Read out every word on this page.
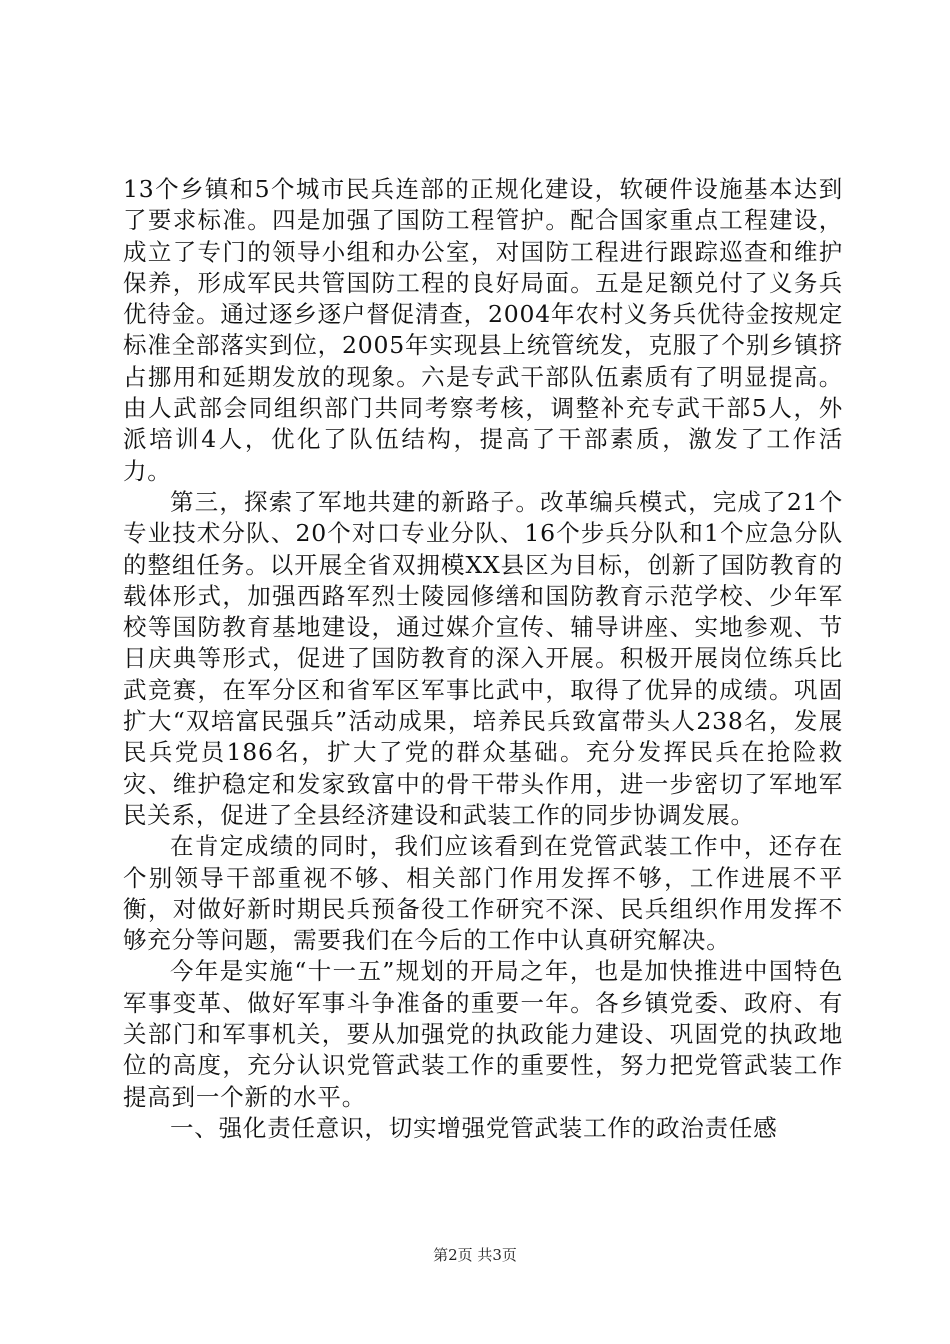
13个乡镇和5个城市民兵连部的正规化建设，软硬件设施基本达到了要求标准。四是加强了国防工程管护。配合国家重点工程建设，成立了专门的领导小组和办公室，对国防工程进行跟踪巡查和维护保养，形成军民共管国防工程的良好局面。五是足额兑付了义务兵优待金。通过逐乡逐户督促清查，2004年农村义务兵优待金按规定标准全部落实到位，2005年实现县上统管统发，克服了个别乡镇挤占挪用和延期发放的现象。六是专武干部队伍素质有了明显提高。由人武部会同组织部门共同考察考核，调整补充专武干部5人，外派培训4人，优化了队伍结构，提高了干部素质，激发了工作活力。

第三，探索了军地共建的新路子。改革编兵模式，完成了21个专业技术分队、20个对口专业分队、16个步兵分队和1个应急分队的整组任务。以开展全省双拥模XX县区为目标，创新了国防教育的载体形式，加强西路军烈士陵园修缮和国防教育示范学校、少年军校等国防教育基地建设，通过媒介宣传、辅导讲座、实地参观、节日庆典等形式，促进了国防教育的深入开展。积极开展岗位练兵比武竞赛，在军分区和省军区军事比武中，取得了优异的成绩。巩固扩大“双培富民强兵”活动成果，培养民兵致富带头人238名，发展民兵党员186名，扩大了党的群众基础。充分发挥民兵在抢险救灾、维护稳定和发家致富中的骨干带头作用，进一步密切了军地军民关系，促进了全县经济建设和武装工作的同步协调发展。

在肯定成绩的同时，我们应该看到在党管武装工作中，还存在个别领导干部重视不够、相关部门作用发挥不够，工作进展不平衡，对做好新时期民兵预备役工作研究不深、民兵组织作用发挥不够充分等问题，需要我们在今后的工作中认真研究解决。

今年是实施“十一五”规划的开局之年，也是加快推进中国特色军事变革、做好军事斗争准备的重要一年。各乡镇党委、政府、有关部门和军事机关，要从加强党的执政能力建设、巩固党的执政地位的高度，充分认识党管武装工作的重要性，努力把党管武装工作提高到一个新的水平。

一、强化责任意识，切实增强党管武装工作的政治责任感

第2页 共3页
